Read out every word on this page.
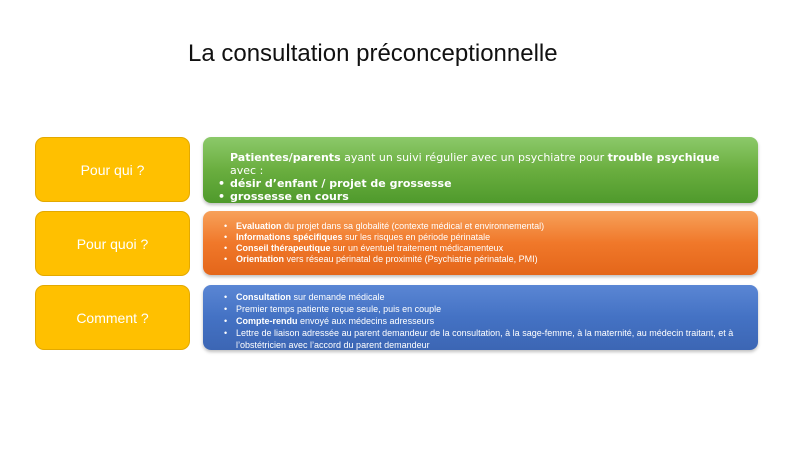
La consultation préconceptionnelle
Pour qui ?
Patientes/parents ayant un suivi régulier avec un psychiatre pour trouble psychique avec :
• désir d’enfant / projet de grossesse
• grossesse en cours
Pour quoi ?
• Evaluation du projet dans sa globalité (contexte médical et environnemental)
• Informations spécifiques sur les risques en période périnatale
• Conseil thérapeutique sur un éventuel traitement médicamenteux
• Orientation vers réseau périnatal de proximité (Psychiatrie périnatale, PMI)
Comment ?
• Consultation sur demande médicale
• Premier temps patiente reçue seule, puis en couple
• Compte-rendu envoyé aux médecins adresseurs
• Lettre de liaison adressée au parent demandeur de la consultation, à la sage-femme, à la maternité, au médecin traitant, et à l’obstétricien avec l’accord du parent demandeur
